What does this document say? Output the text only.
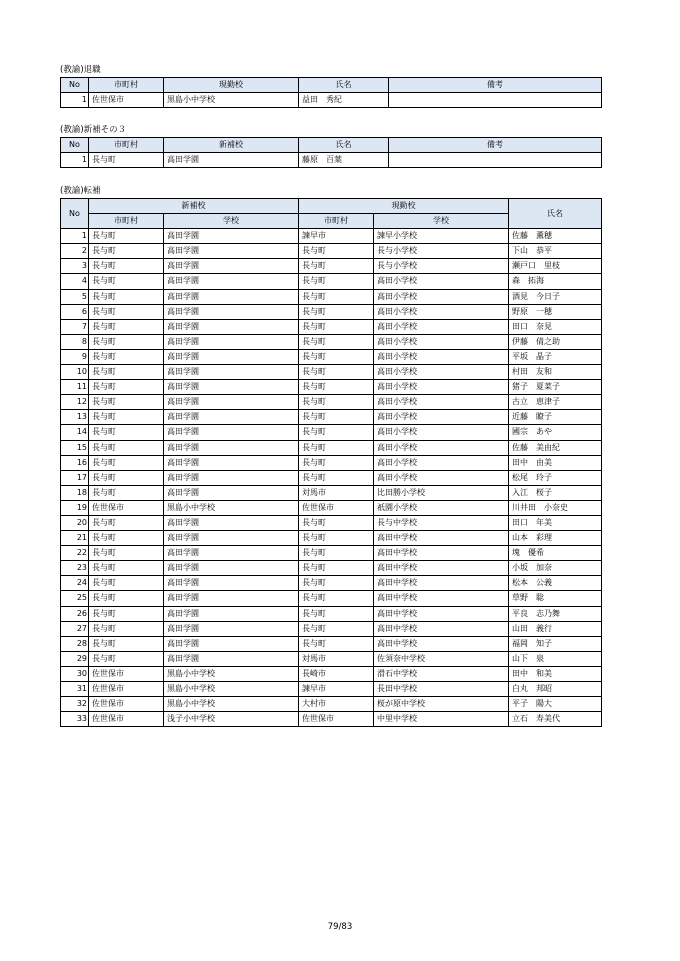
(教諭)退職
No	市町村	現勤校	氏名	備考
1	佐世保市	黒島小中学校	益田　秀紀	
(教諭)新補その３
No	市町村	新補校	氏名	備考
1	長与町	高田学園	藤原　百葉	
(教諭)転補
No	新補校		現勤校		氏名
	市町村	学校	市町村	学校	
1	長与町	高田学園	諫早市	諫早小学校	佐藤　薫穂
2	長与町	高田学園	長与町	長与小学校	下山　恭平
3	長与町	高田学園	長与町	長与小学校	瀬戸口　里枝
4	長与町	高田学園	長与町	高田小学校	森　拓海
5	長与町	高田学園	長与町	高田小学校	酒見　今日子
6	長与町	高田学園	長与町	高田小学校	野原　一穂
7	長与町	高田学園	長与町	高田小学校	田口　奈見
8	長与町	高田学園	長与町	高田小学校	伊藤　倩之助
9	長与町	高田学園	長与町	高田小学校	平坂　晶子
10	長与町	高田学園	長与町	高田小学校	村田　友和
11	長与町	高田学園	長与町	高田小学校	猪子　夏菜子
12	長与町	高田学園	長与町	高田小学校	古立　恵津子
13	長与町	高田学園	長与町	高田小学校	近藤　瞭子
14	長与町	高田学園	長与町	高田小学校	國宗　あや
15	長与町	高田学園	長与町	高田小学校	佐藤　美由紀
16	長与町	高田学園	長与町	高田小学校	田中　由美
17	長与町	高田学園	長与町	高田小学校	松尾　玲子
18	長与町	高田学園	対馬市	比田勝小学校	入江　桜子
19	佐世保市	黒島小中学校	佐世保市	祇園小学校	川井田　小奈史
20	長与町	高田学園	長与町	長与中学校	田口　年美
21	長与町	高田学園	長与町	高田中学校	山本　彩理
22	長与町	高田学園	長与町	高田中学校	塊　優希
23	長与町	高田学園	長与町	高田中学校	小坂　加奈
24	長与町	高田学園	長与町	高田中学校	松本　公義
25	長与町	高田学園	長与町	高田中学校	草野　聡
26	長与町	高田学園	長与町	高田中学校	平良　志乃舞
27	長与町	高田学園	長与町	高田中学校	山田　義行
28	長与町	高田学園	長与町	高田中学校	福岡　知子
29	長与町	高田学園	対馬市	佐須奈中学校	山下　泉
30	佐世保市	黒島小中学校	長崎市	滑石中学校	田中　和美
31	佐世保市	黒島小中学校	諫早市	長田中学校	白丸　邦昭
32	佐世保市	黒島小中学校	大村市	桜が原中学校	平子　陽大
33	佐世保市	浅子小中学校	佐世保市	中里中学校	立石　寿美代
79/83
